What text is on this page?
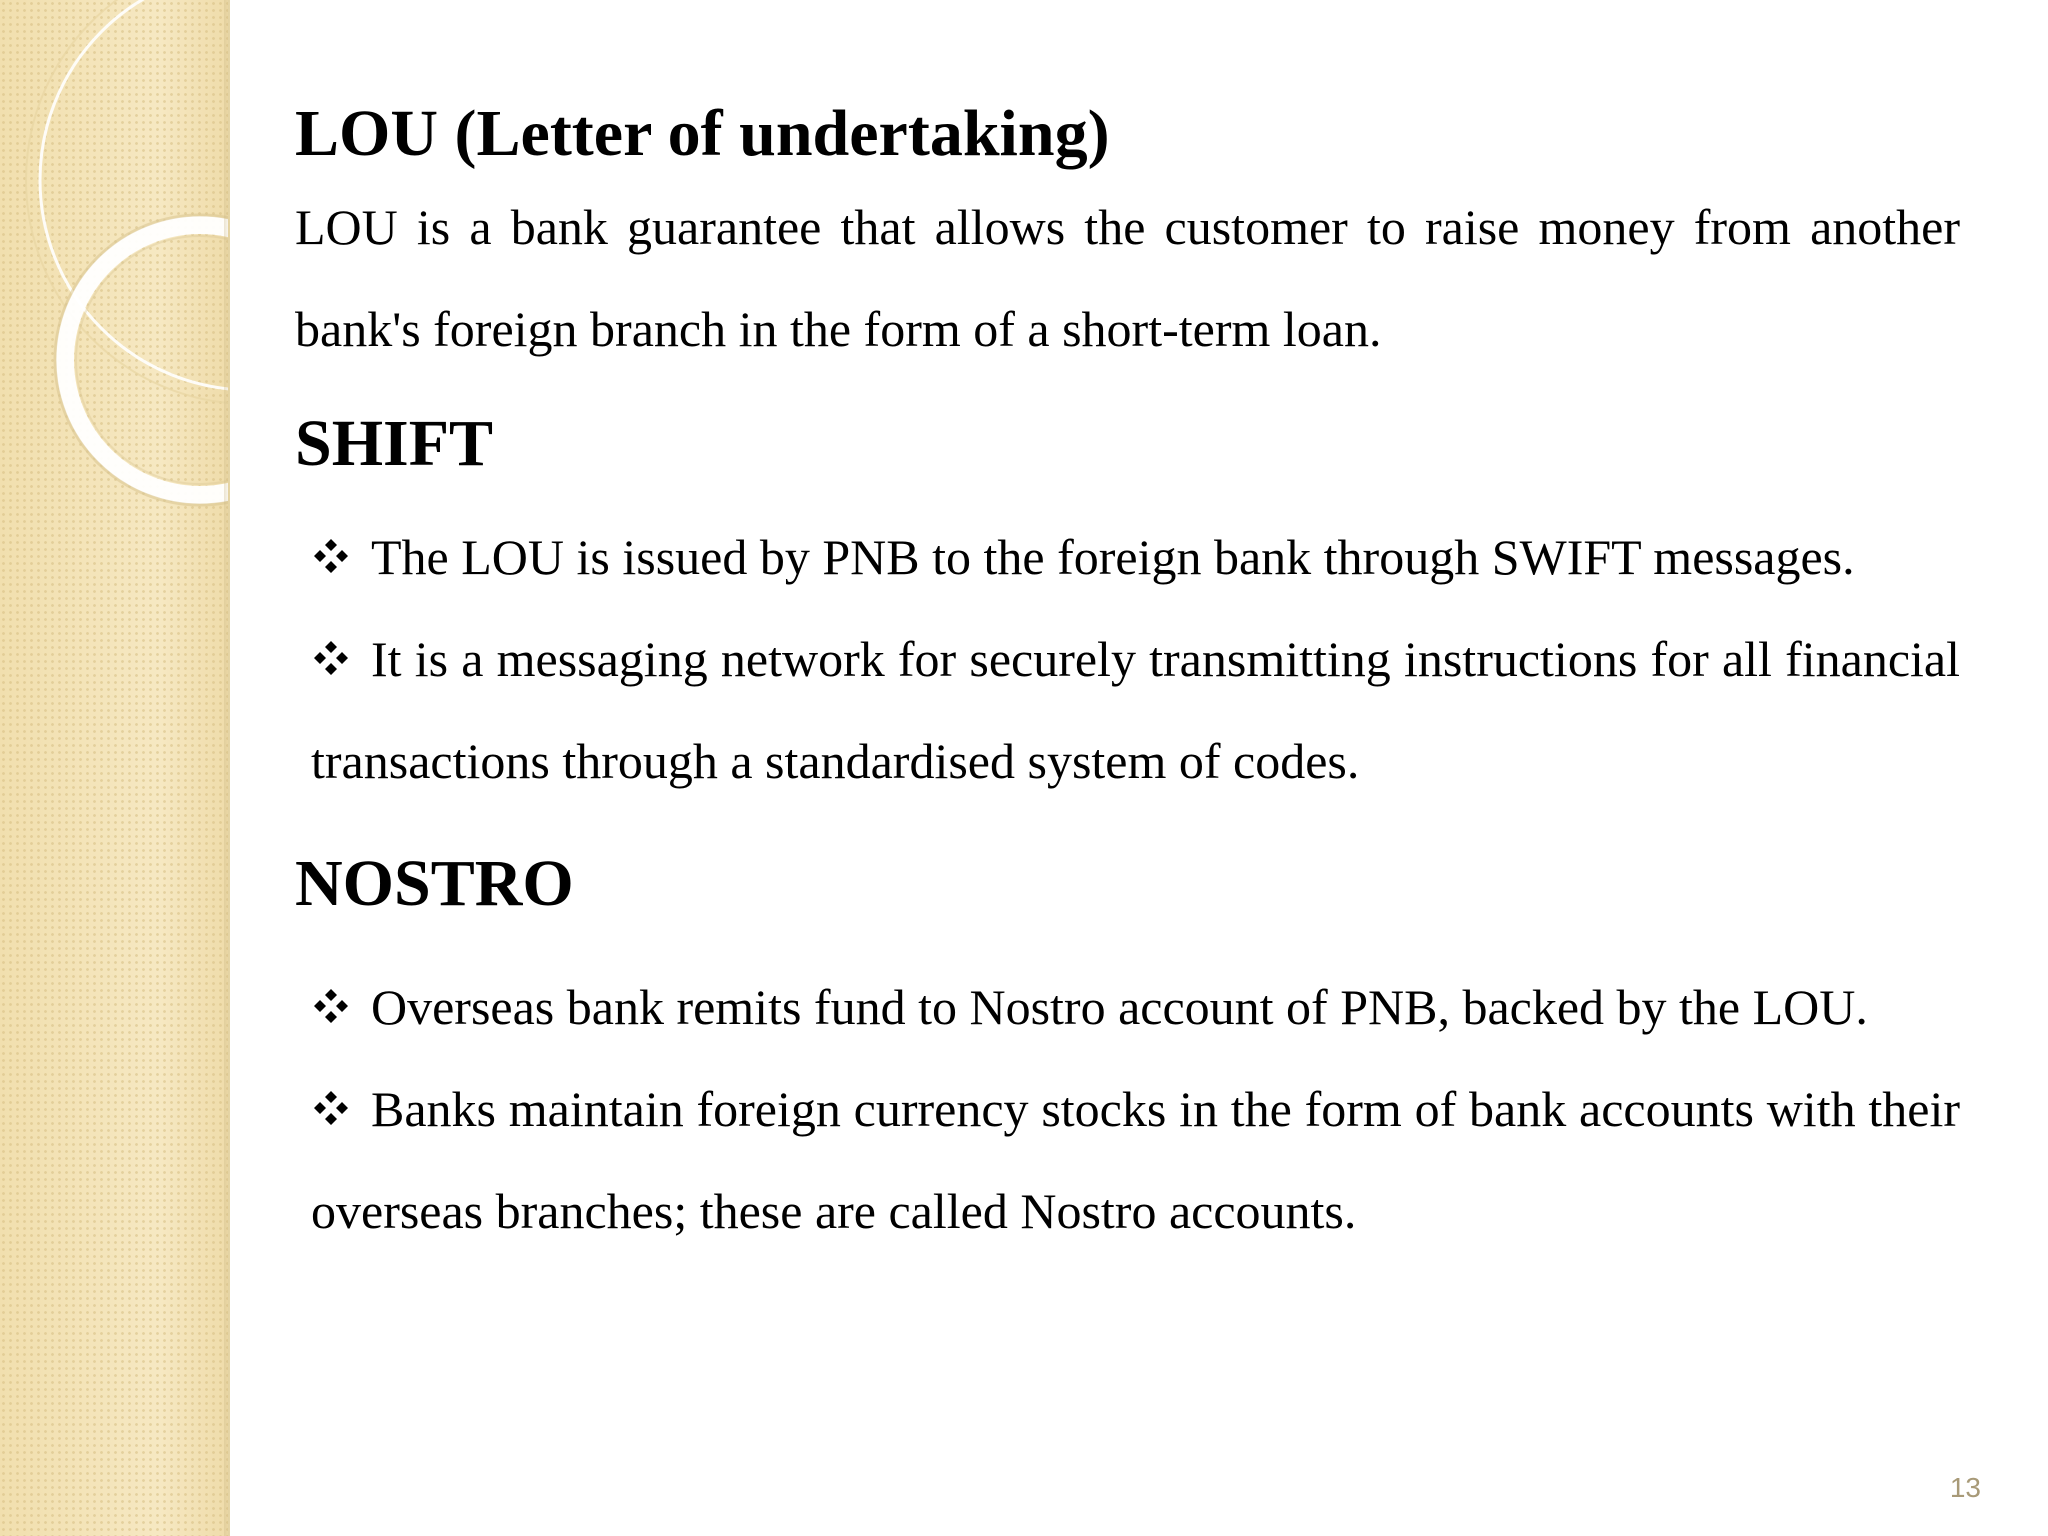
LOU (Letter of undertaking)

LOU is a bank guarantee that allows the customer to raise money from another bank's foreign branch in the form of a short-term loan.

SHIFT
The LOU is issued by PNB to the foreign bank through SWIFT messages.
It is a messaging network for securely transmitting instructions for all financial transactions through a standardised system of codes.
NOSTRO
Overseas bank remits fund to Nostro account of PNB, backed by the LOU.
Banks maintain foreign currency stocks in the form of bank accounts with their overseas branches; these are called Nostro accounts.
13
